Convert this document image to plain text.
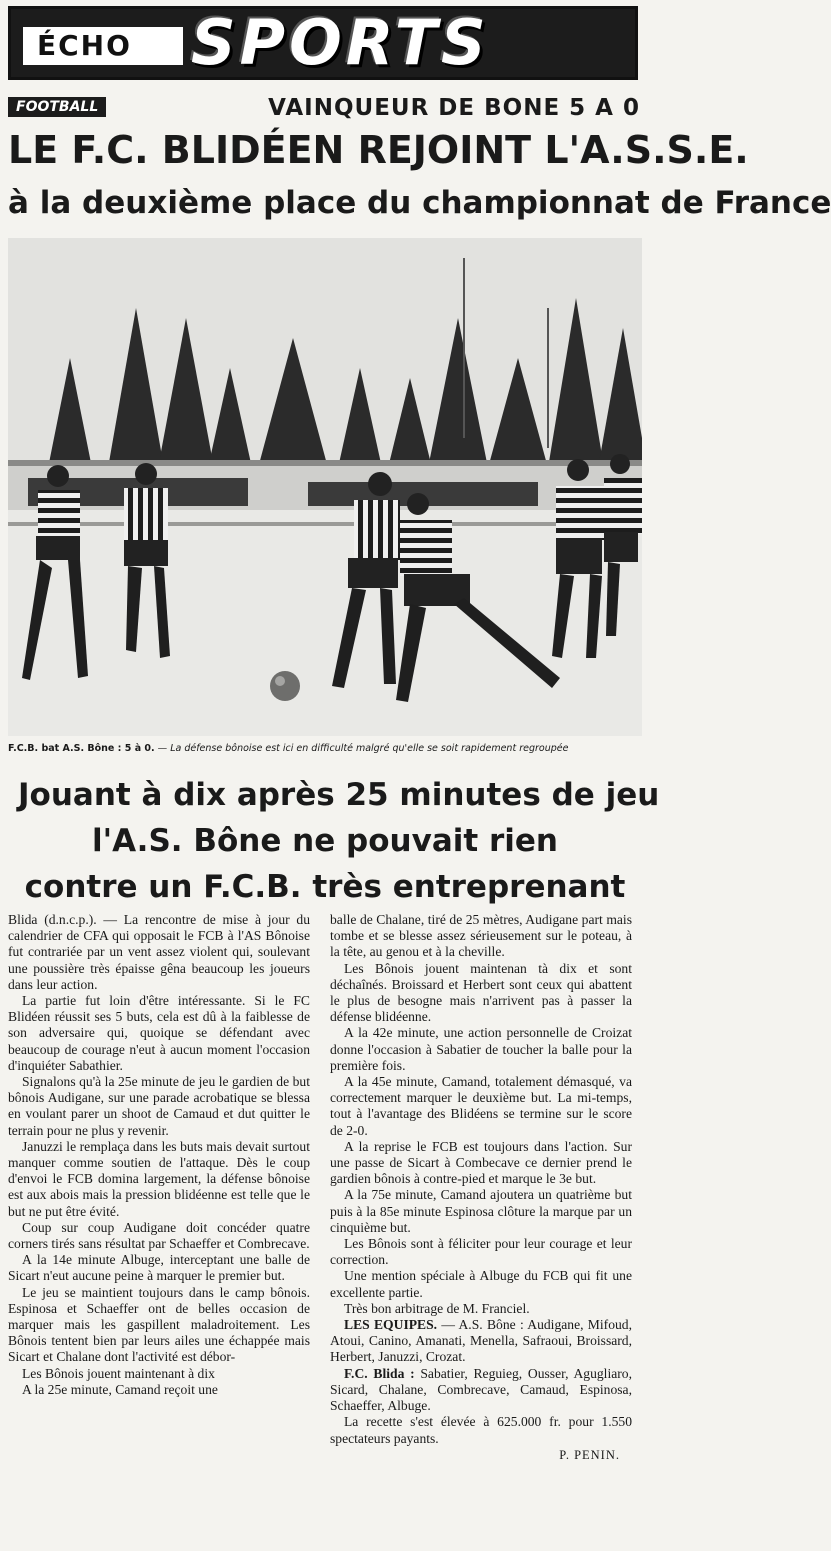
ÉCHO SPORTS
FOOTBALL	VAINQUEUR DE BONE 5 A 0
LE F.C. BLIDÉEN REJOINT L'A.S.S.E.
à la deuxième place du championnat de France
F.C.B. bat A.S. Bône : 5 à 0. — La défense bônoise est ici en difficulté malgré qu'elle se soit rapidement regroupée
Jouant à dix après 25 minutes de jeu
l'A.S. Bône ne pouvait rien
contre un F.C.B. très entreprenant

Blida (d.n.c.p.). — La rencontre de mise à jour du calendrier de CFA qui opposait le FCB à l'AS Bônoise fut contrariée par un vent assez violent qui, soulevant une poussière très épaisse gêna beaucoup les joueurs dans leur action.

La partie fut loin d'être intéressante. Si le FC Blidéen réussit ses 5 buts, cela est dû à la faiblesse de son adversaire qui, quoique se défendant avec beaucoup de courage n'eut à aucun moment l'occasion d'inquiéter Sabathier.

Signalons qu'à la 25e minute de jeu le gardien de but bônois Audigane, sur une parade acrobatique se blessa en voulant parer un shoot de Camaud et dut quitter le terrain pour ne plus y revenir.

Januzzi le remplaça dans les buts mais devait surtout manquer comme soutien de l'attaque. Dès le coup d'envoi le FCB domina largement, la défense bônoise est aux abois mais la pression blidéenne est telle que le but ne put être évité.

Coup sur coup Audigane doit concéder quatre corners tirés sans résultat par Schaeffer et Combrecave.

A la 14e minute Albuge, interceptant une balle de Sicart n'eut aucune peine à marquer le premier but.

Le jeu se maintient toujours dans le camp bônois. Espinosa et Schaeffer ont de belles occasion de marquer mais les gaspillent maladroitement. Les Bônois tentent bien par leurs ailes une échappée mais Sicart et Chalane dont l'activité est débor-

Les Bônois jouent maintenant à dix

A la 25e minute, Camand reçoit une

balle de Chalane, tiré de 25 mètres, Audigane part mais tombe et se blesse assez sérieusement sur le poteau, à la tête, au genou et à la cheville.

Les Bônois jouent maintenan tà dix et sont déchaînés. Broissard et Herbert sont ceux qui abattent le plus de besogne mais n'arrivent pas à passer la défense blidéenne.

A la 42e minute, une action personnelle de Croizat donne l'occasion à Sabatier de toucher la balle pour la première fois.

A la 45e minute, Camand, totalement démasqué, va correctement marquer le deuxième but. La mi-temps, tout à l'avantage des Blidéens se termine sur le score de 2-0.

A la reprise le FCB est toujours dans l'action. Sur une passe de Sicart à Combecave ce dernier prend le gardien bônois à contre-pied et marque le 3e but.

A la 75e minute, Camand ajoutera un quatrième but puis à la 85e minute Espinosa clôture la marque par un cinquième but.

Les Bônois sont à féliciter pour leur courage et leur correction.

Une mention spéciale à Albuge du FCB qui fit une excellente partie.

Très bon arbitrage de M. Franciel.

LES EQUIPES. — A.S. Bône : Audigane, Mifoud, Atoui, Canino, Amanati, Menella, Safraoui, Broissard, Herbert, Januzzi, Crozat.

F.C. Blida : Sabatier, Reguieg, Ousser, Agugliaro, Sicard, Chalane, Combrecave, Camaud, Espinosa, Schaeffer, Albuge.

La recette s'est élevée à 625.000 fr. pour 1.550 spectateurs payants.

P. PENIN.
